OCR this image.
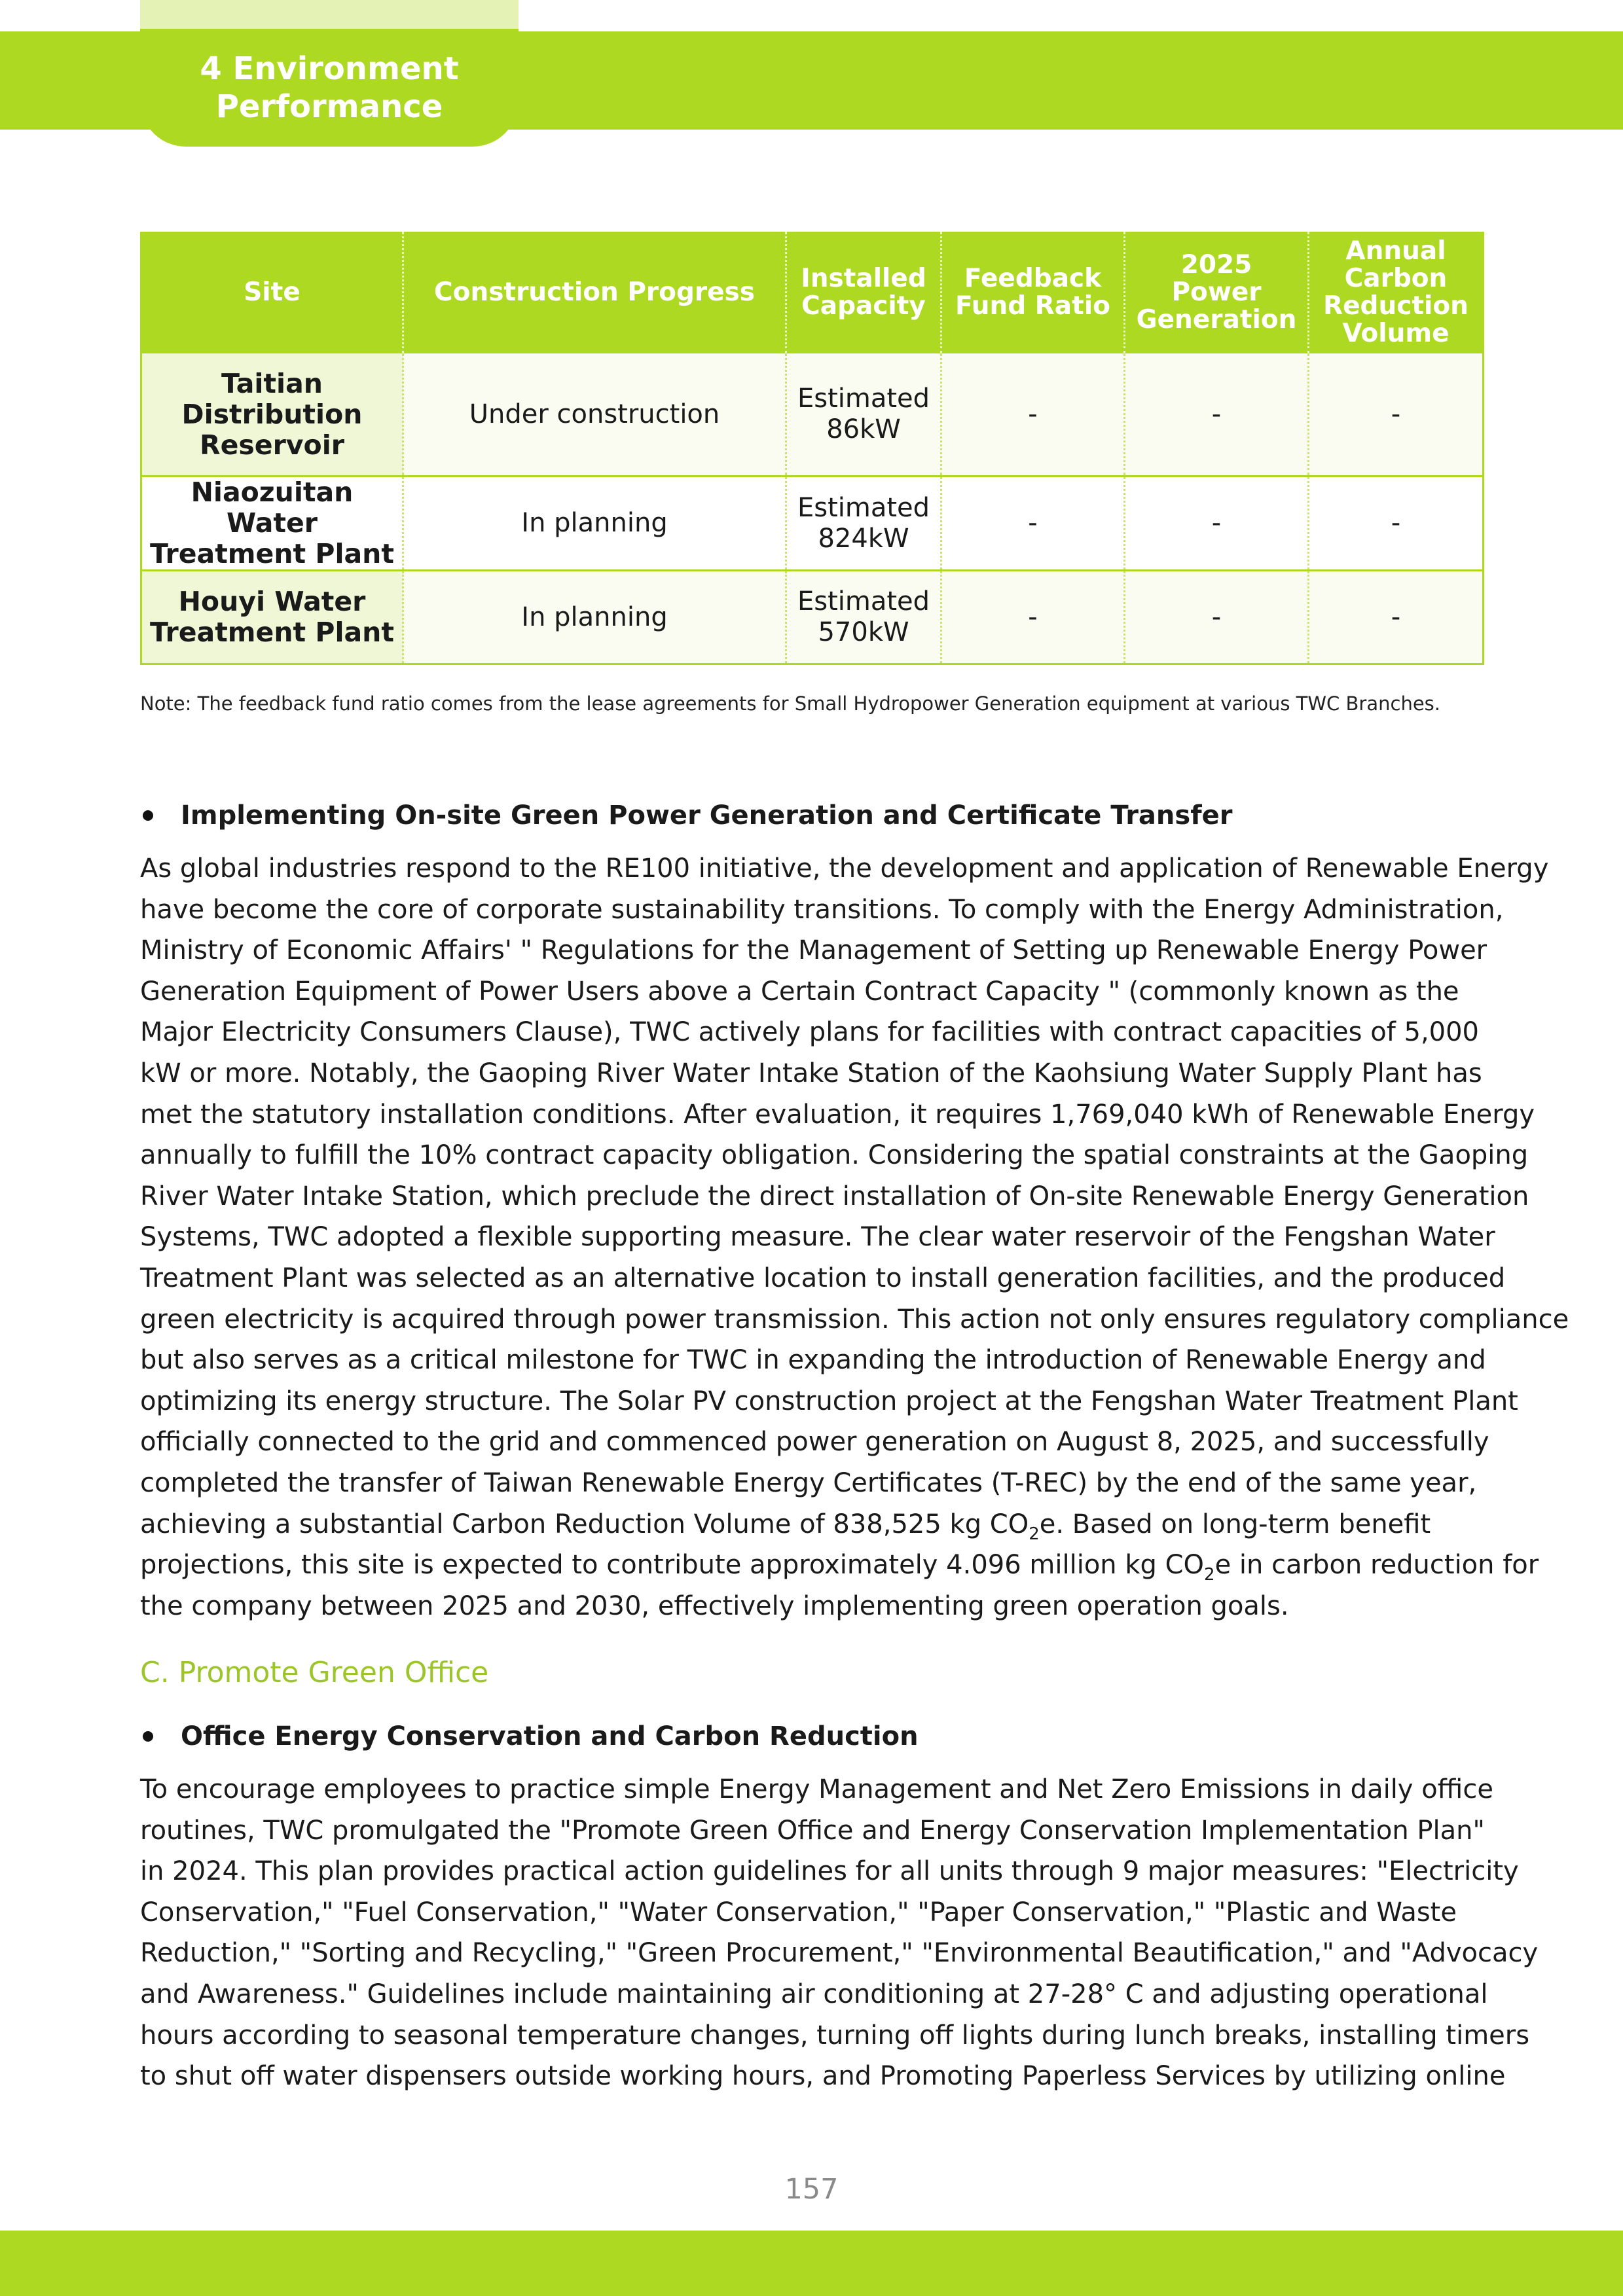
4 Environment
Performance
Site	Construction Progress	Installed Capacity	Feedback Fund Ratio	2025 Power Generation	Annual Carbon Reduction Volume
Taitian Distribution Reservoir	Under construction	Estimated 86kW	-	-	-
Niaozuitan Water Treatment Plant	In planning	Estimated 824kW	-	-	-
Houyi Water Treatment Plant	In planning	Estimated 570kW	-	-	-
Note: The feedback fund ratio comes from the lease agreements for Small Hydropower Generation equipment at various TWC Branches.
Implementing On-site Green Power Generation and Certificate Transfer
As global industries respond to the RE100 initiative, the development and application of Renewable Energy
have become the core of corporate sustainability transitions. To comply with the Energy Administration,
Ministry of Economic Affairs' " Regulations for the Management of Setting up Renewable Energy Power
Generation Equipment of Power Users above a Certain Contract Capacity " (commonly known as the
Major Electricity Consumers Clause), TWC actively plans for facilities with contract capacities of 5,000
kW or more. Notably, the Gaoping River Water Intake Station of the Kaohsiung Water Supply Plant has
met the statutory installation conditions. After evaluation, it requires 1,769,040 kWh of Renewable Energy
annually to fulfill the 10% contract capacity obligation. Considering the spatial constraints at the Gaoping
River Water Intake Station, which preclude the direct installation of On-site Renewable Energy Generation
Systems, TWC adopted a flexible supporting measure. The clear water reservoir of the Fengshan Water
Treatment Plant was selected as an alternative location to install generation facilities, and the produced
green electricity is acquired through power transmission. This action not only ensures regulatory compliance
but also serves as a critical milestone for TWC in expanding the introduction of Renewable Energy and
optimizing its energy structure. The Solar PV construction project at the Fengshan Water Treatment Plant
officially connected to the grid and commenced power generation on August 8, 2025, and successfully
completed the transfer of Taiwan Renewable Energy Certificates (T-REC) by the end of the same year,
achieving a substantial Carbon Reduction Volume of 838,525 kg $CO_2e$. Based on long-term benefit
projections, this site is expected to contribute approximately 4.096 million kg $CO_2e$ in carbon reduction for
the company between 2025 and 2030, effectively implementing green operation goals.
C. Promote Green Office
Office Energy Conservation and Carbon Reduction
To encourage employees to practice simple Energy Management and Net Zero Emissions in daily office
routines, TWC promulgated the "Promote Green Office and Energy Conservation Implementation Plan"
in 2024. This plan provides practical action guidelines for all units through 9 major measures: "Electricity
Conservation," "Fuel Conservation," "Water Conservation," "Paper Conservation," "Plastic and Waste
Reduction," "Sorting and Recycling," "Green Procurement," "Environmental Beautification," and "Advocacy
and Awareness." Guidelines include maintaining air conditioning at 27-28° C and adjusting operational
hours according to seasonal temperature changes, turning off lights during lunch breaks, installing timers
to shut off water dispensers outside working hours, and Promoting Paperless Services by utilizing online
157
